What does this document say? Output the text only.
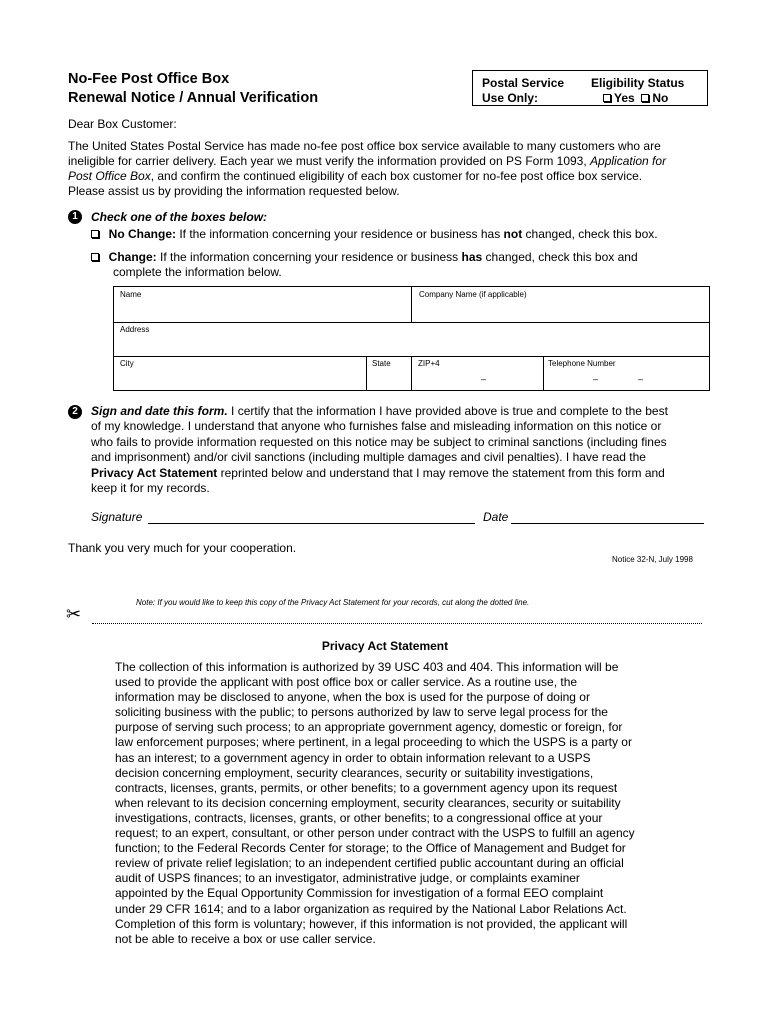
No-Fee Post Office Box
Renewal Notice / Annual Verification
Postal Service
Use Only:
Eligibility Status
Yes No
Dear Box Customer:
The United States Postal Service has made no-fee post office box service available to many customers who are
ineligible for carrier delivery. Each year we must verify the information provided on PS Form 1093, Application for
Post Office Box, and confirm the continued eligibility of each box customer for no-fee post office box service.
Please assist us by providing the information requested below.
1	Check one of the boxes below:
No Change: If the information concerning your residence or business has not changed, check this box.
Change: If the information concerning your residence or business has changed, check this box and
complete the information below.
Name	Company Name (if applicable)
Address
City	State	ZIP+4	Telephone Number
–	–	–
2	Sign and date this form. I certify that the information I have provided above is true and complete to the best
of my knowledge. I understand that anyone who furnishes false and misleading information on this notice or
who fails to provide information requested on this notice may be subject to criminal sanctions (including fines
and imprisonment) and/or civil sanctions (including multiple damages and civil penalties). I have read the
Privacy Act Statement reprinted below and understand that I may remove the statement from this form and
keep it for my records.
Signature	Date
Thank you very much for your cooperation.
Notice 32-N, July 1998
Note: If you would like to keep this copy of the Privacy Act Statement for your records, cut along the dotted line.
✂
Privacy Act Statement
The collection of this information is authorized by 39 USC 403 and 404. This information will be
used to provide the applicant with post office box or caller service. As a routine use, the
information may be disclosed to anyone, when the box is used for the purpose of doing or
soliciting business with the public; to persons authorized by law to serve legal process for the
purpose of serving such process; to an appropriate government agency, domestic or foreign, for
law enforcement purposes; where pertinent, in a legal proceeding to which the USPS is a party or
has an interest; to a government agency in order to obtain information relevant to a USPS
decision concerning employment, security clearances, security or suitability investigations,
contracts, licenses, grants, permits, or other benefits; to a government agency upon its request
when relevant to its decision concerning employment, security clearances, security or suitability
investigations, contracts, licenses, grants, or other benefits; to a congressional office at your
request; to an expert, consultant, or other person under contract with the USPS to fulfill an agency
function; to the Federal Records Center for storage; to the Office of Management and Budget for
review of private relief legislation; to an independent certified public accountant during an official
audit of USPS finances; to an investigator, administrative judge, or complaints examiner
appointed by the Equal Opportunity Commission for investigation of a formal EEO complaint
under 29 CFR 1614; and to a labor organization as required by the National Labor Relations Act.
Completion of this form is voluntary; however, if this information is not provided, the applicant will
not be able to receive a box or use caller service.
